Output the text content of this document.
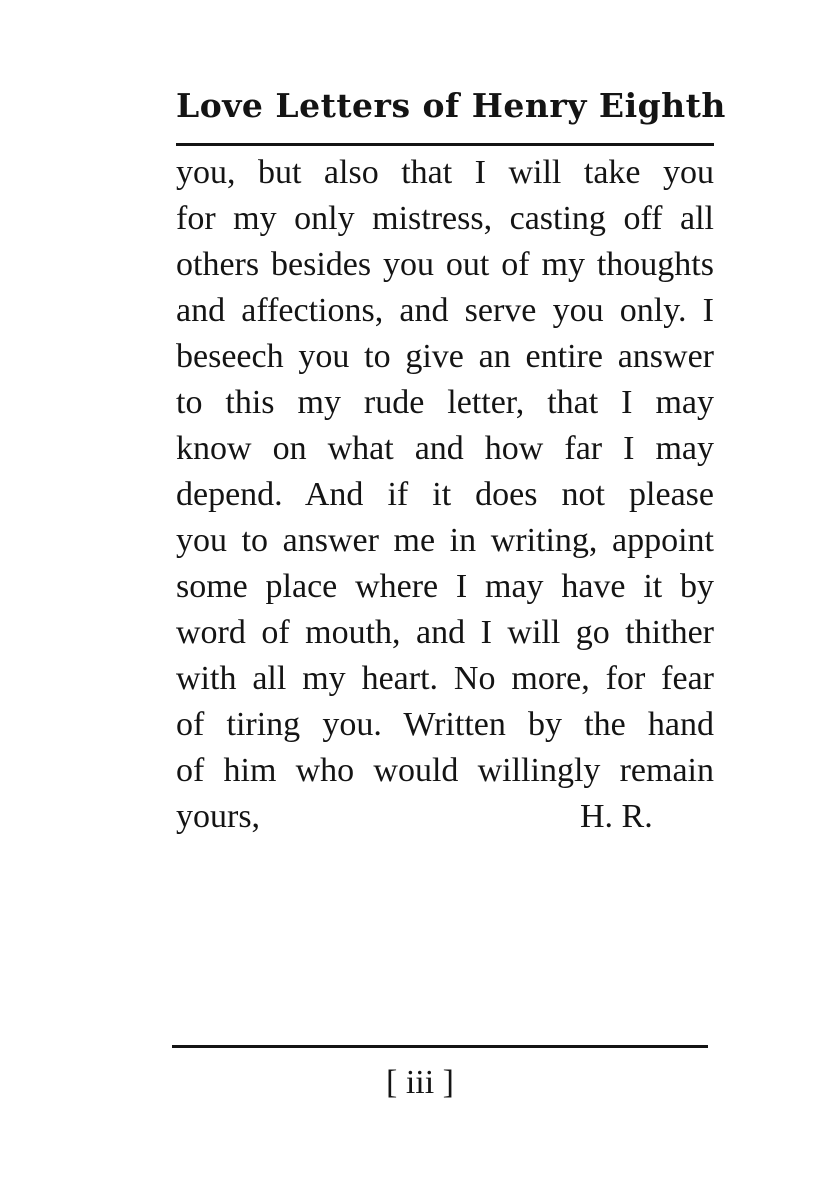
Love Letters of Henry Eighth
you, but also that I will take you
for my only mistress, casting off all
others besides you out of my thoughts
and affections, and serve you only. I
beseech you to give an entire answer
to this my rude letter, that I may
know on what and how far I may
depend. And if it does not please
you to answer me in writing, appoint
some place where I may have it by
word of mouth, and I will go thither
with all my heart. No more, for fear
of tiring you. Written by the hand
of him who would willingly remain
yours,	H. R.
[ iii ]
